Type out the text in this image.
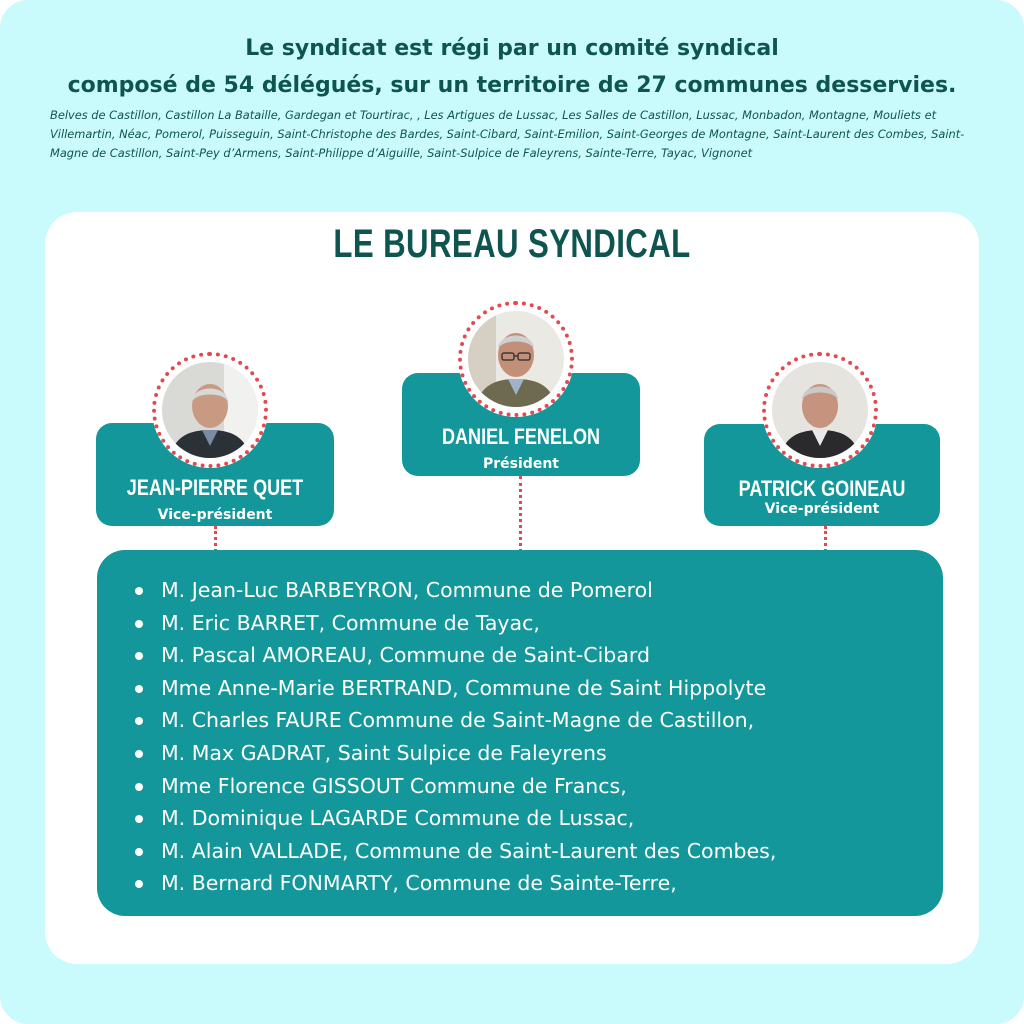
Le syndicat est régi par un comité syndical
composé de 54 délégués, sur un territoire de 27 communes desservies.
Belves de Castillon, Castillon La Bataille, Gardegan et Tourtirac, , Les Artigues de Lussac, Les Salles de Castillon, Lussac, Monbadon, Montagne, Mouliets et Villemartin, Néac, Pomerol, Puisseguin, Saint-Christophe des Bardes, Saint-Cibard, Saint-Emilion, Saint-Georges de Montagne, Saint-Laurent des Combes, Saint-Magne de Castillon, Saint-Pey d’Armens, Saint-Philippe d’Aiguille, Saint-Sulpice de Faleyrens, Sainte-Terre, Tayac, Vignonet
LE BUREAU SYNDICAL
JEAN-PIERRE QUET
Vice-président
DANIEL FENELON
Président
PATRICK GOINEAU
Vice-président
M. Jean-Luc BARBEYRON, Commune de Pomerol
M. Eric BARRET, Commune de Tayac,
M. Pascal AMOREAU, Commune de Saint-Cibard
Mme Anne-Marie BERTRAND, Commune de Saint Hippolyte
M. Charles FAURE Commune de Saint-Magne de Castillon,
M. Max GADRAT, Saint Sulpice de Faleyrens
Mme Florence GISSOUT Commune de Francs,
M. Dominique LAGARDE Commune de Lussac,
M. Alain VALLADE, Commune de Saint-Laurent des Combes,
M. Bernard FONMARTY, Commune de Sainte-Terre,
